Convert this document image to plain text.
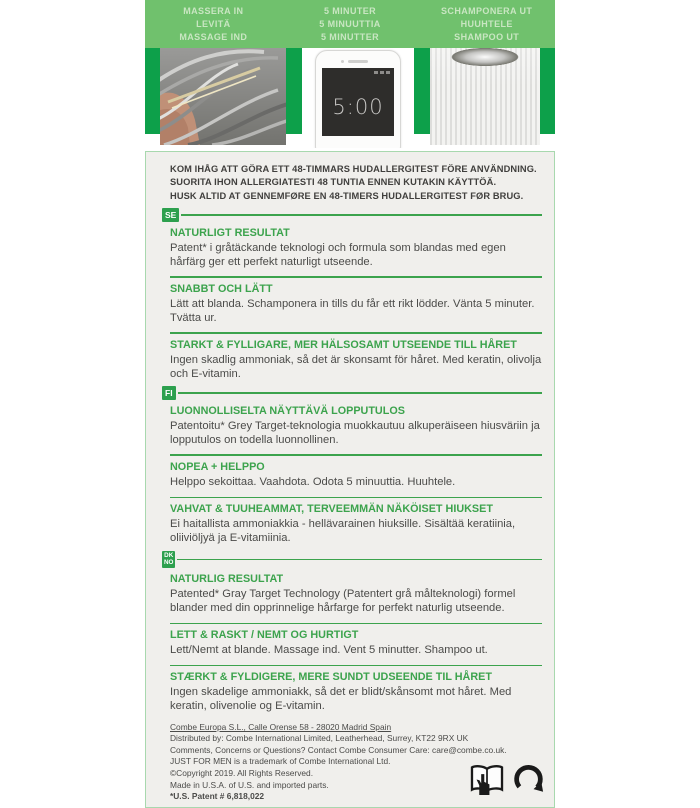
MASSERA IN
LEVITÄ
MASSAGE IND
5 MINUTER
5 MINUUTTIA
5 MINUTTER
SCHAMPONERA UT
HUUHTELE
SHAMPOO UT
5:00
KOM IHÅG ATT GÖRA ETT 48-TIMMARS HUDALLERGITEST FÖRE ANVÄNDNING.
SUORITA IHON ALLERGIATESTI 48 TUNTIA ENNEN KUTAKIN KÄYTTÖÄ.
HUSK ALTID AT GENNEMFØRE EN 48-TIMERS HUDALLERGITEST FØR BRUG.
SE
NATURLIGT RESULTAT

Patent* i gråtäckande teknologi och formula som blandas med egen hårfärg ger ett perfekt naturligt utseende.

SNABBT OCH LÄTT

Lätt att blanda. Schamponera in tills du får ett rikt lödder. Vänta 5 minuter. Tvätta ur.

STARKT & FYLLIGARE, MER HÄLSOSAMT UTSEENDE TILL HÅRET

Ingen skadlig ammoniak, så det är skonsamt för håret. Med keratin, olivolja och E-vitamin.

FI
LUONNOLLISELTA NÄYTTÄVÄ LOPPUTULOS

Patentoitu* Grey Target-teknologia muokkautuu alkuperäiseen hiusväriin ja lopputulos on todella luonnollinen.

NOPEA + HELPPO

Helppo sekoittaa. Vaahdota. Odota 5 minuuttia. Huuhtele.

VAHVAT & TUUHEAMMAT, TERVEEMMÄN NÄKÖISET HIUKSET

Ei haitallista ammoniakkia - hellävarainen hiuksille. Sisältää keratiinia, oliiviöljyä ja E-vitamiinia.

DK
NO
NATURLIG RESULTAT

Patented* Gray Target Technology (Patentert grå målteknologi) formel blander med din opprinnelige hårfarge for perfekt naturlig utseende.

LETT & RASKT / NEMT OG HURTIGT

Lett/Nemt at blande. Massage ind. Vent 5 minutter. Shampoo ut.

STÆRKT & FYLDIGERE, MERE SUNDT UDSEENDE TIL HÅRET

Ingen skadelige ammoniakk, så det er blidt/skånsomt mot håret. Med keratin, olivenolie og E-vitamin.

Combe Europa S.L., Calle Orense 58 - 28020 Madrid Spain
Distributed by: Combe International Limited, Leatherhead, Surrey, KT22 9RX UK
Comments, Concerns or Questions? Contact Combe Consumer Care: care@combe.co.uk.
JUST FOR MEN is a trademark of Combe International Ltd.
©Copyright 2019. All Rights Reserved.
Made in U.S.A. of U.S. and imported parts.
*U.S. Patent # 6,818,022
